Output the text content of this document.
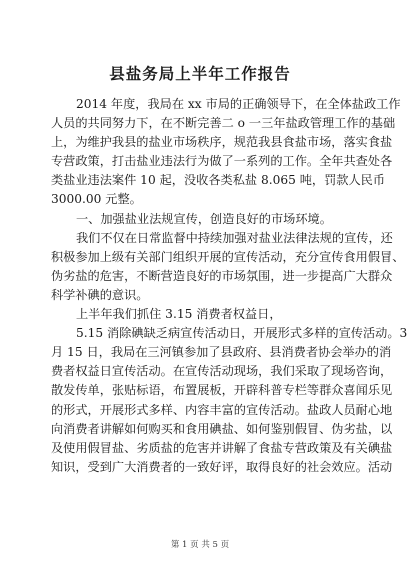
县盐务局上半年工作报告
2014 年度，我局在 xx 市局的正确领导下，在全体盐政工作
人员的共同努力下，在不断完善二 o 一三年盐政管理工作的基础
上，为维护我县的盐业市场秩序，规范我县食盐市场，落实食盐
专营政策，打击盐业违法行为做了一系列的工作。全年共查处各
类盐业违法案件 10 起，没收各类私盐 8.065 吨，罚款人民币
3000.00 元整。
一、加强盐业法规宣传，创造良好的市场环境。
我们不仅在日常监督中持续加强对盐业法律法规的宣传，还
积极参加上级有关部门组织开展的宣传活动，充分宣传食用假冒、
伪劣盐的危害，不断营造良好的市场氛围，进一步提高广大群众
科学补碘的意识。
上半年我们抓住 3.15 消费者权益日，
5.15 消除碘缺乏病宣传活动日，开展形式多样的宣传活动。3
月 15 日，我局在三河镇参加了县政府、县消费者协会举办的消
费者权益日宣传活动。在宣传活动现场，我们采取了现场咨询，
散发传单，张贴标语，布置展板，开辟科普专栏等群众喜闻乐见
的形式，开展形式多样、内容丰富的宣传活动。盐政人员耐心地
向消费者讲解如何购买和食用碘盐、如何鉴别假冒、伪劣盐，以
及使用假冒盐、劣质盐的危害并讲解了食盐专营政策及有关碘盐
知识，受到广大消费者的一致好评，取得良好的社会效应。活动
第 1 页 共 5 页
